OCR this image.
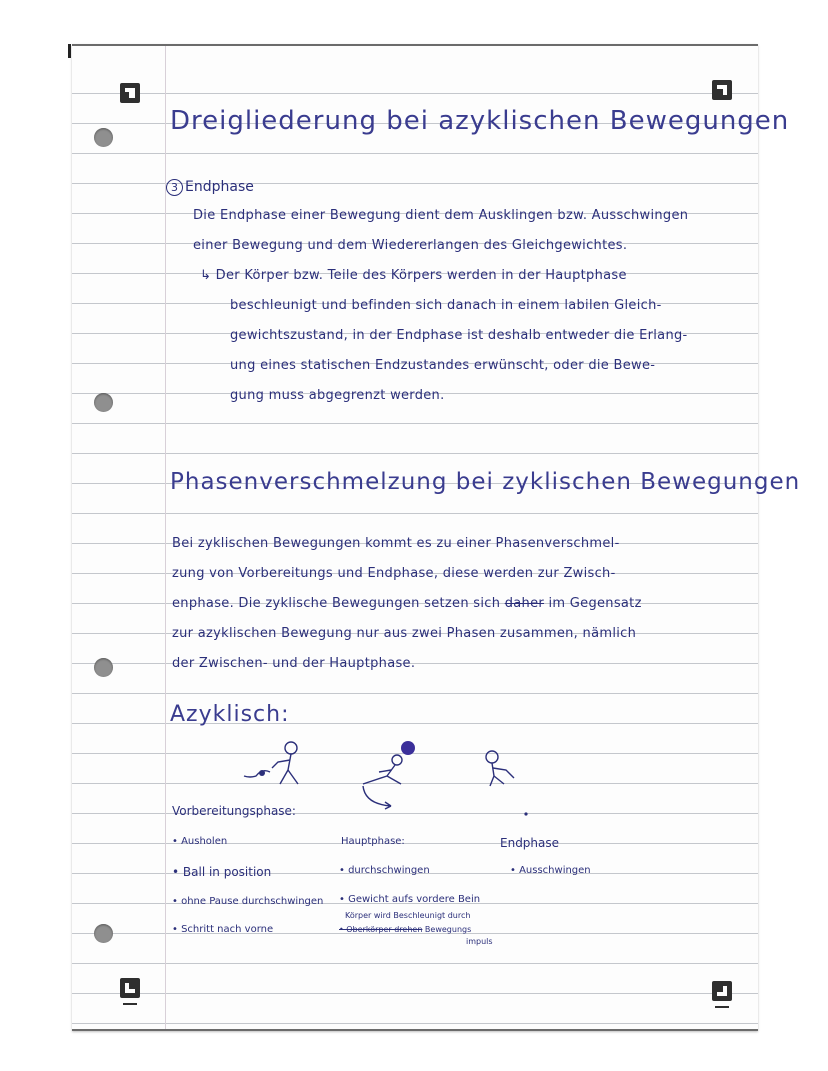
Dreigliederung bei azyklischen Bewegungen
3 Endphase
Die Endphase einer Bewegung dient dem Ausklingen bzw. Ausschwingen
einer Bewegung und dem Wiedererlangen des Gleichgewichtes.
↳ Der Körper bzw. Teile des Körpers werden in der Hauptphase
beschleunigt und befinden sich danach in einem labilen Gleich-
gewichtszustand, in der Endphase ist deshalb entweder die Erlang-
ung eines statischen Endzustandes erwünscht, oder die Bewe-
gung muss abgegrenzt werden.
Phasenverschmelzung bei zyklischen Bewegungen
Bei zyklischen Bewegungen kommt es zu einer Phasenverschmel-
zung von Vorbereitungs und Endphase, diese werden zur Zwisch-
enphase. Die zyklische Bewegungen setzen sich daher im Gegensatz
zur azyklischen Bewegung nur aus zwei Phasen zusammen, nämlich
der Zwischen- und der Hauptphase.
Azyklisch:
Vorbereitungsphase:
• Ausholen
• Ball in position
• ohne Pause durchschwingen
• Schritt nach vorne
Hauptphase:
• durchschwingen
• Gewicht aufs vordere Bein
Körper wird Beschleunigt durch
• Oberkörper drehen Bewegungs
impuls
Endphase
• Ausschwingen
